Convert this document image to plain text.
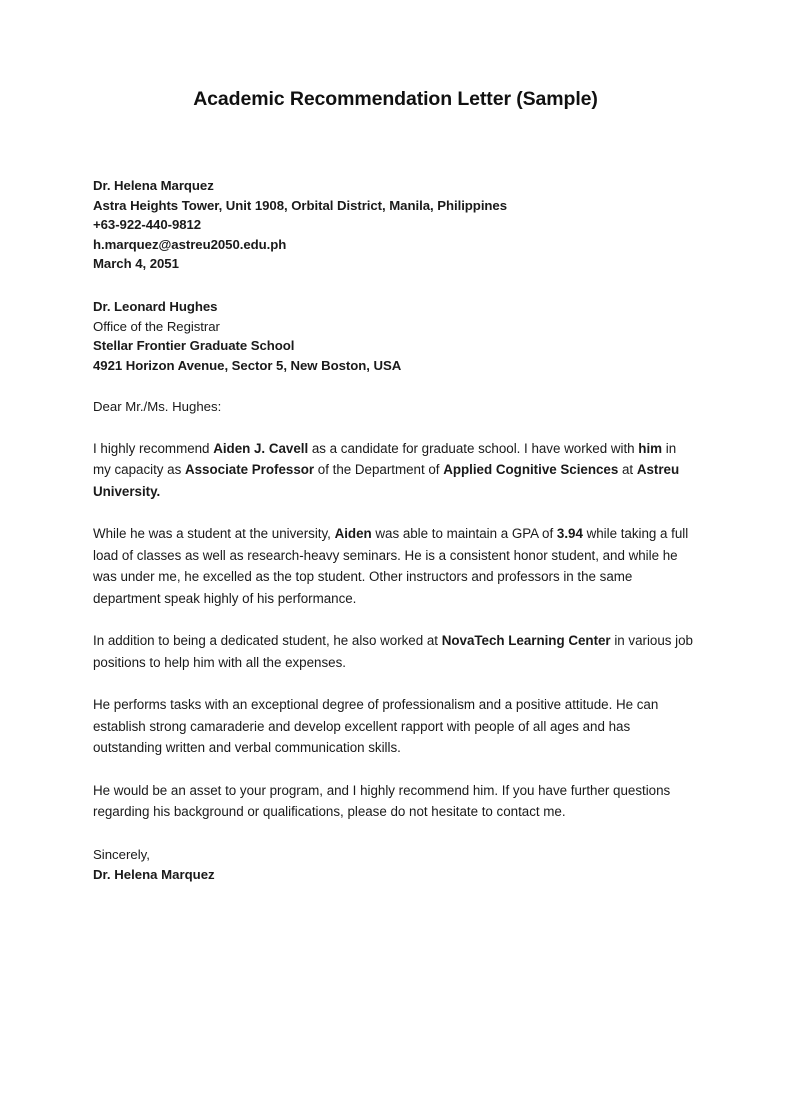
Academic Recommendation Letter (Sample)
Dr. Helena Marquez
Astra Heights Tower, Unit 1908, Orbital District, Manila, Philippines
+63-922-440-9812
h.marquez@astreu2050.edu.ph
March 4, 2051
Dr. Leonard Hughes
Office of the Registrar
Stellar Frontier Graduate School
4921 Horizon Avenue, Sector 5, New Boston, USA
Dear Mr./Ms. Hughes:

I highly recommend Aiden J. Cavell as a candidate for graduate school. I have worked with him in my capacity as Associate Professor of the Department of Applied Cognitive Sciences at Astreu University.

While he was a student at the university, Aiden was able to maintain a GPA of 3.94 while taking a full load of classes as well as research-heavy seminars. He is a consistent honor student, and while he was under me, he excelled as the top student. Other instructors and professors in the same department speak highly of his performance.

In addition to being a dedicated student, he also worked at NovaTech Learning Center in various job positions to help him with all the expenses.

He performs tasks with an exceptional degree of professionalism and a positive attitude. He can establish strong camaraderie and develop excellent rapport with people of all ages and has outstanding written and verbal communication skills.

He would be an asset to your program, and I highly recommend him. If you have further questions regarding his background or qualifications, please do not hesitate to contact me.

Sincerely,
Dr. Helena Marquez
